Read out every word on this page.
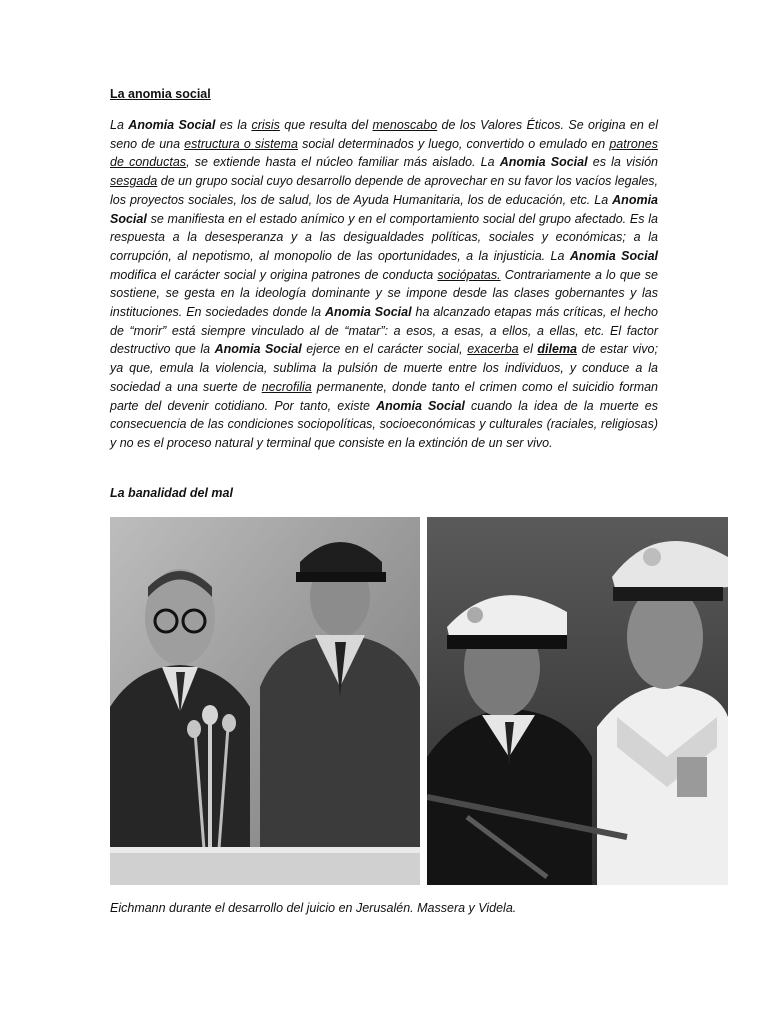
La anomia social

La Anomia Social es la crisis que resulta del menoscabo de los Valores Éticos. Se origina en el seno de una estructura o sistema social determinados y luego, convertido o emulado en patrones de conductas, se extiende hasta el núcleo familiar más aislado. La Anomia Social es la visión sesgada de un grupo social cuyo desarrollo depende de aprovechar en su favor los vacíos legales, los proyectos sociales, los de salud, los de Ayuda Humanitaria, los de educación, etc. La Anomia Social se manifiesta en el estado anímico y en el comportamiento social del grupo afectado. Es la respuesta a la desesperanza y a las desigualdades políticas, sociales y económicas; a la corrupción, al nepotismo, al monopolio de las oportunidades, a la injusticia. La Anomia Social modifica el carácter social y origina patrones de conducta sociópatas. Contrariamente a lo que se sostiene, se gesta en la ideología dominante y se impone desde las clases gobernantes y las instituciones. En sociedades donde la Anomia Social ha alcanzado etapas más críticas, el hecho de “morir” está siempre vinculado al de “matar”: a esos, a esas, a ellos, a ellas, etc. El factor destructivo que la Anomia Social ejerce en el carácter social, exacerba el dilema de estar vivo; ya que, emula la violencia, sublima la pulsión de muerte entre los individuos, y conduce a la sociedad a una suerte de necrofilia permanente, donde tanto el crimen como el suicidio forman parte del devenir cotidiano. Por tanto, existe Anomia Social cuando la idea de la muerte es consecuencia de las condiciones sociopolíticas, socioeconómicas y culturales (raciales, religiosas) y no es el proceso natural y terminal que consiste en la extinción de un ser vivo.

La banalidad del mal
Eichmann durante el desarrollo del juicio en Jerusalén. Massera y Videla.
